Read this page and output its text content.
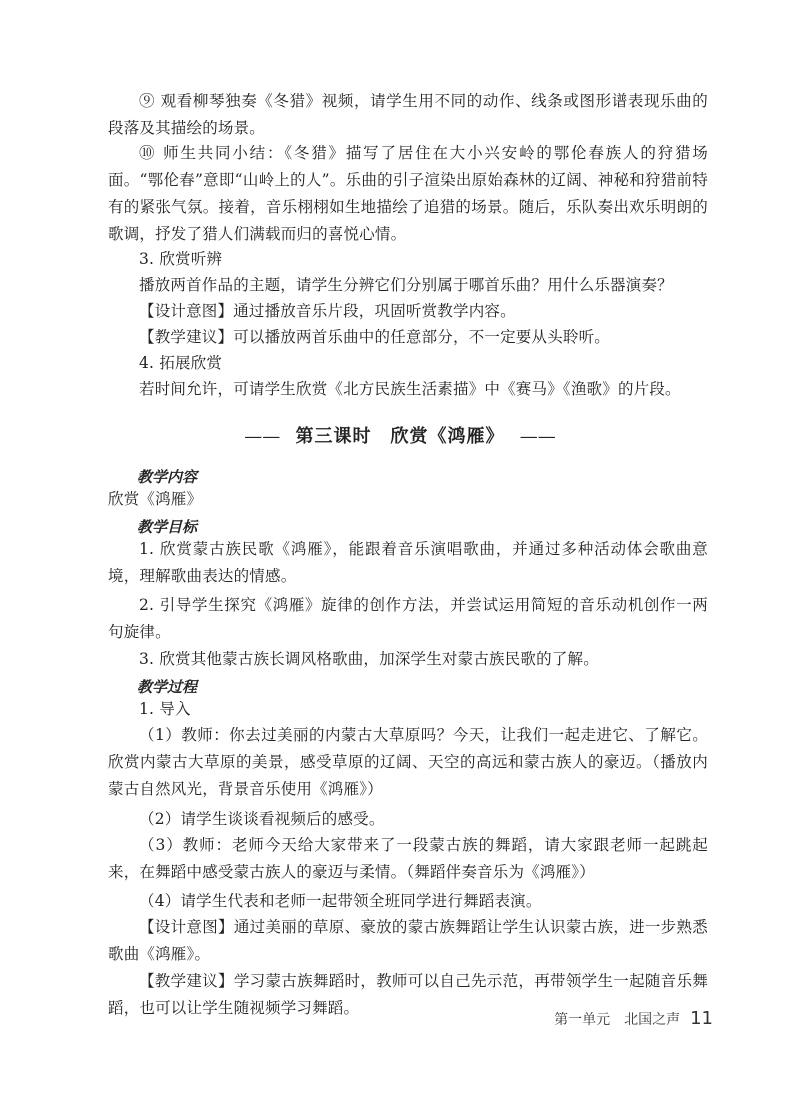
⑨ 观看柳琴独奏《冬猎》视频，请学生用不同的动作、线条或图形谱表现乐曲的段落及其描绘的场景。

⑩ 师生共同小结：《冬猎》描写了居住在大小兴安岭的鄂伦春族人的狩猎场面。“鄂伦春”意即“山岭上的人”。乐曲的引子渲染出原始森林的辽阔、神秘和狩猎前特有的紧张气氛。接着，音乐栩栩如生地描绘了追猎的场景。随后，乐队奏出欢乐明朗的歌调，抒发了猎人们满载而归的喜悦心情。

3. 欣赏听辨

播放两首作品的主题，请学生分辨它们分别属于哪首乐曲？用什么乐器演奏？

【设计意图】通过播放音乐片段，巩固听赏教学内容。

【教学建议】可以播放两首乐曲中的任意部分，不一定要从头聆听。

4. 拓展欣赏

—— 第三课时　欣赏《鸿雁》 ——

教学内容

欣赏《鸿雁》

教学目标

1. 欣赏蒙古族民歌《鸿雁》，能跟着音乐演唱歌曲，并通过多种活动体会歌曲意境，理解歌曲表达的情感。

2. 引导学生探究《鸿雁》旋律的创作方法，并尝试运用简短的音乐动机创作一两句旋律。

3. 欣赏其他蒙古族长调风格歌曲，加深学生对蒙古族民歌的了解。

教学过程

1. 导入

（1）教师：你去过美丽的内蒙古大草原吗？今天，让我们一起走进它、了解它。欣赏内蒙古大草原的美景，感受草原的辽阔、天空的高远和蒙古族人的豪迈。（播放内蒙古自然风光，背景音乐使用《鸿雁》）

（2）请学生谈谈看视频后的感受。

（3）教师：老师今天给大家带来了一段蒙古族的舞蹈，请大家跟老师一起跳起来，在舞蹈中感受蒙古族人的豪迈与柔情。（舞蹈伴奏音乐为《鸿雁》）

（4）请学生代表和老师一起带领全班同学进行舞蹈表演。

【设计意图】通过美丽的草原、豪放的蒙古族舞蹈让学生认识蒙古族，进一步熟悉歌曲《鸿雁》。

第一单元　北国之声 11

若时间允许，可请学生欣赏《北方民族生活素描》中《赛马》《渔歌》的片段。

【教学建议】学习蒙古族舞蹈时，教师可以自己先示范，再带领学生一起随音乐舞蹈，也可以让学生随视频学习舞蹈。
